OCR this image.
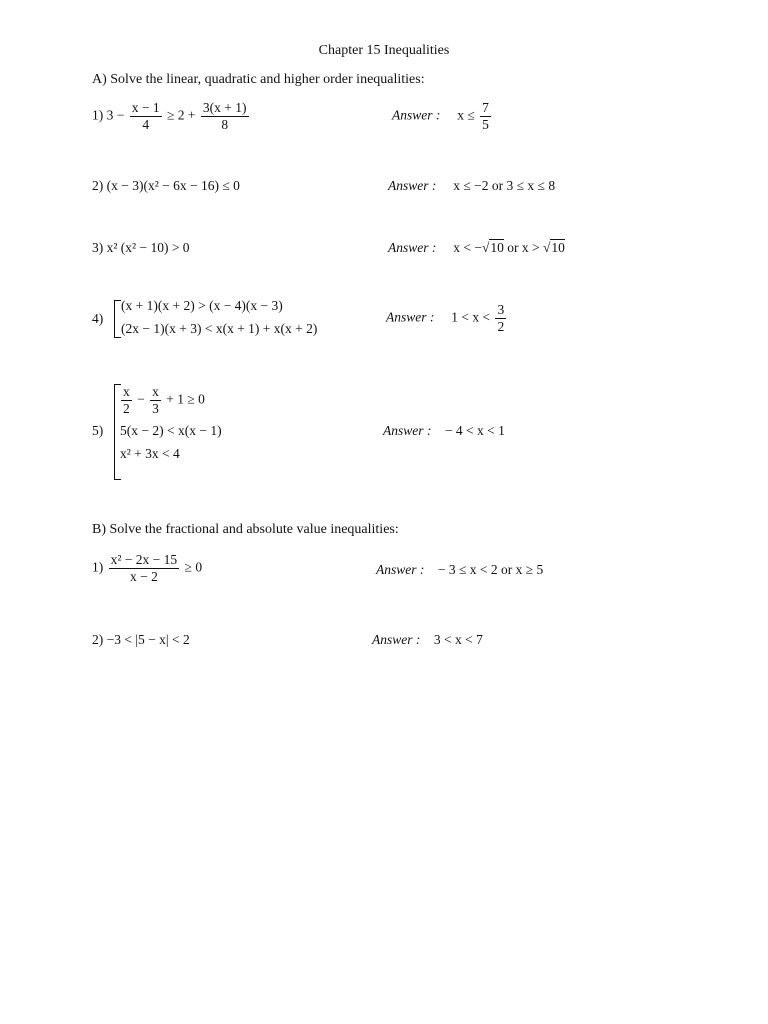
Chapter 15 Inequalities
A) Solve the linear, quadratic and higher order inequalities:
1) $3 - \frac{x - 1}{4} \ge 2 + \frac{3(x + 1)}{8}$	Answer : $x \le \frac{7}{5}$
2) (x − 3)(x² − 6x − 16) ≤ 0	Answer : x ≤ −2 or 3 ≤ x ≤ 8
3) x² (x² − 10) > 0	Answer : x < −√10 or x > √10
4)
(x + 1)(x + 2) > (x − 4)(x − 3)
(2x − 1)(x + 3) < x(x + 1) + x(x + 2)
Answer : $1 < x < \frac{3}{2}$
5)
$\frac{x}{2} - \frac{x}{3} + 1 \ge 0$
5(x − 2) < x(x − 1)
x² + 3x < 4
Answer : − 4 < x < 1
B) Solve the fractional and absolute value inequalities:
$1) \frac{\text{x² − 2x − 15}}{x - 2} \ge 0$	Answer : − 3 ≤ x < 2 or x ≥ 5
2) −3 < |5 − x| < 2	Answer : 3 < x < 7
